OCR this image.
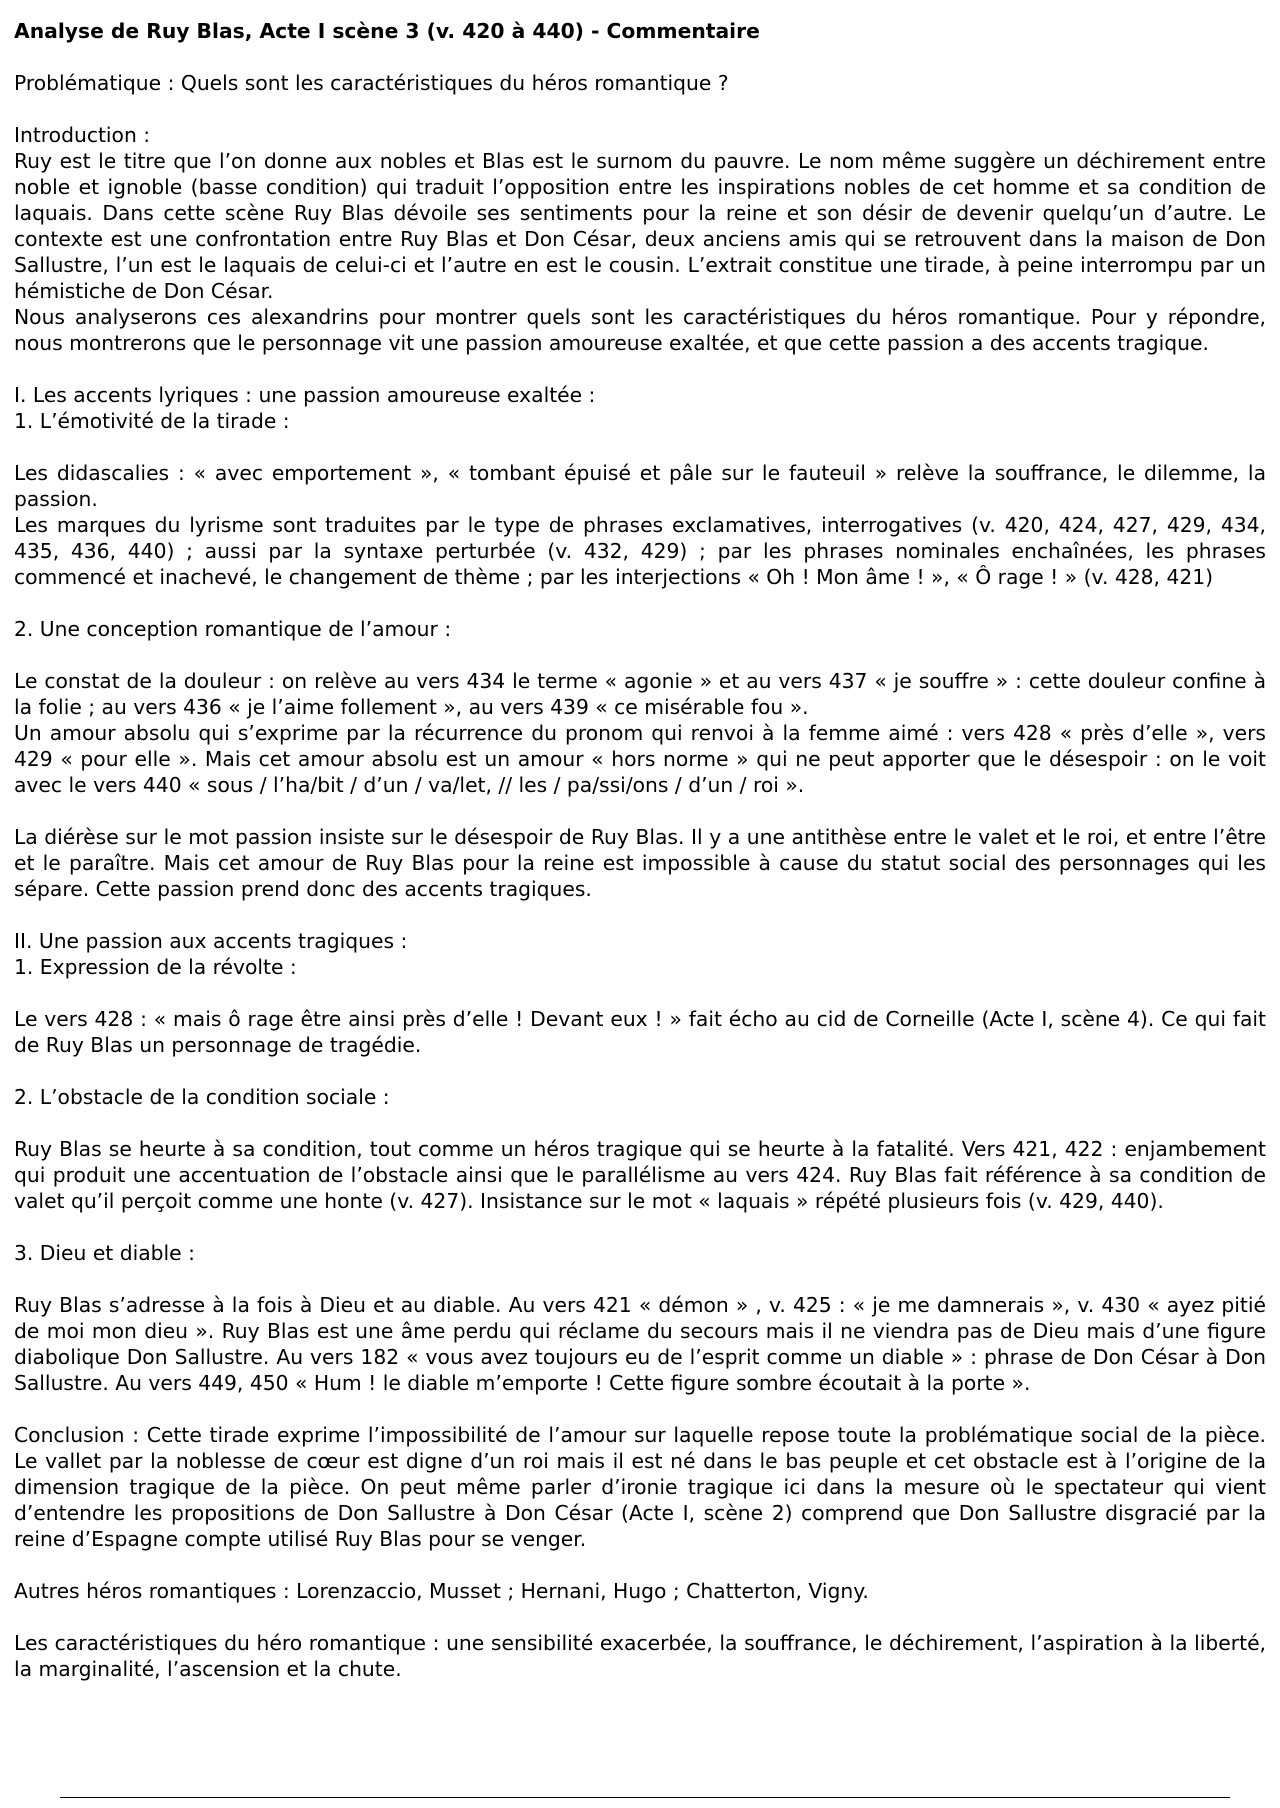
Analyse de Ruy Blas, Acte I scène 3 (v. 420 à 440) - Commentaire

Problématique : Quels sont les caractéristiques du héros romantique ?

Introduction :

Ruy est le titre que l’on donne aux nobles et Blas est le surnom du pauvre. Le nom même suggère un déchirement entre noble et ignoble (basse condition) qui traduit l’opposition entre les inspirations nobles de cet homme et sa condition de laquais. Dans cette scène Ruy Blas dévoile ses sentiments pour la reine et son désir de devenir quelqu’un d’autre. Le contexte est une confrontation entre Ruy Blas et Don César, deux anciens amis qui se retrouvent dans la maison de Don Sallustre, l’un est le laquais de celui-ci et l’autre en est le cousin. L’extrait constitue une tirade, à peine interrompu par un hémistiche de Don César.

Nous analyserons ces alexandrins pour montrer quels sont les caractéristiques du héros romantique. Pour y répondre, nous montrerons que le personnage vit une passion amoureuse exaltée, et que cette passion a des accents tragique.

I. Les accents lyriques : une passion amoureuse exaltée :

1. L’émotivité de la tirade :

Les didascalies : « avec emportement », « tombant épuisé et pâle sur le fauteuil » relève la souffrance, le dilemme, la passion.

Les marques du lyrisme sont traduites par le type de phrases exclamatives, interrogatives (v. 420, 424, 427, 429, 434, 435, 436, 440) ; aussi par la syntaxe perturbée (v. 432, 429) ; par les phrases nominales enchaînées, les phrases commencé et inachevé, le changement de thème ; par les interjections « Oh ! Mon âme ! », « Ô rage ! » (v. 428, 421)

2. Une conception romantique de l’amour :

Le constat de la douleur : on relève au vers 434 le terme « agonie » et au vers 437 « je souffre » : cette douleur confine à la folie ; au vers 436 « je l’aime follement », au vers 439 « ce misérable fou ».

Un amour absolu qui s’exprime par la récurrence du pronom qui renvoi à la femme aimé : vers 428 « près d’elle », vers 429 « pour elle ». Mais cet amour absolu est un amour « hors norme » qui ne peut apporter que le désespoir : on le voit avec le vers 440 « sous / l’ha/bit / d’un / va/let, // les / pa/ssi/ons / d’un / roi ».

La diérèse sur le mot passion insiste sur le désespoir de Ruy Blas. Il y a une antithèse entre le valet et le roi, et entre l’être et le paraître. Mais cet amour de Ruy Blas pour la reine est impossible à cause du statut social des personnages qui les sépare. Cette passion prend donc des accents tragiques.

II. Une passion aux accents tragiques :

1. Expression de la révolte :

Le vers 428 : « mais ô rage être ainsi près d’elle ! Devant eux ! » fait écho au cid de Corneille (Acte I, scène 4). Ce qui fait de Ruy Blas un personnage de tragédie.

2. L’obstacle de la condition sociale :

Ruy Blas se heurte à sa condition, tout comme un héros tragique qui se heurte à la fatalité. Vers 421, 422 : enjambement qui produit une accentuation de l’obstacle ainsi que le parallélisme au vers 424. Ruy Blas fait référence à sa condition de valet qu’il perçoit comme une honte (v. 427). Insistance sur le mot « laquais » répété plusieurs fois (v. 429, 440).

3. Dieu et diable :

Ruy Blas s’adresse à la fois à Dieu et au diable. Au vers 421 « démon » , v. 425 : « je me damnerais », v. 430 « ayez pitié de moi mon dieu ». Ruy Blas est une âme perdu qui réclame du secours mais il ne viendra pas de Dieu mais d’une figure diabolique Don Sallustre. Au vers 182 « vous avez toujours eu de l’esprit comme un diable » : phrase de Don César à Don Sallustre. Au vers 449, 450 « Hum ! le diable m’emporte ! Cette figure sombre écoutait à la porte ».

Conclusion : Cette tirade exprime l’impossibilité de l’amour sur laquelle repose toute la problématique social de la pièce. Le vallet par la noblesse de cœur est digne d’un roi mais il est né dans le bas peuple et cet obstacle est à l’origine de la dimension tragique de la pièce. On peut même parler d’ironie tragique ici dans la mesure où le spectateur qui vient d’entendre les propositions de Don Sallustre à Don César (Acte I, scène 2) comprend que Don Sallustre disgracié par la reine d’Espagne compte utilisé Ruy Blas pour se venger.

Autres héros romantiques : Lorenzaccio, Musset ; Hernani, Hugo ; Chatterton, Vigny.

Les caractéristiques du héro romantique : une sensibilité exacerbée, la souffrance, le déchirement, l’aspiration à la liberté, la marginalité, l’ascension et la chute.
